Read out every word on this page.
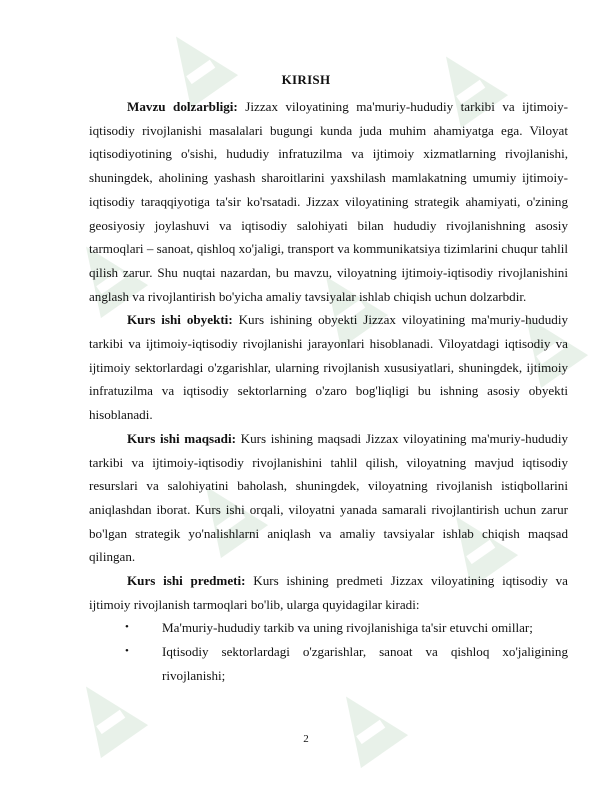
KIRISH

Mavzu dolzarbligi: Jizzax viloyatining ma'muriy-hududiy tarkibi va ijtimoiy-iqtisodiy rivojlanishi masalalari bugungi kunda juda muhim ahamiyatga ega. Viloyat iqtisodiyotining o'sishi, hududiy infratuzilma va ijtimoiy xizmatlarning rivojlanishi, shuningdek, aholining yashash sharoitlarini yaxshilash mamlakatning umumiy ijtimoiy-iqtisodiy taraqqiyotiga ta'sir ko'rsatadi. Jizzax viloyatining strategik ahamiyati, o'zining geosiyosiy joylashuvi va iqtisodiy salohiyati bilan hududiy rivojlanishning asosiy tarmoqlari – sanoat, qishloq xo'jaligi, transport va kommunikatsiya tizimlarini chuqur tahlil qilish zarur. Shu nuqtai nazardan, bu mavzu, viloyatning ijtimoiy-iqtisodiy rivojlanishini anglash va rivojlantirish bo'yicha amaliy tavsiyalar ishlab chiqish uchun dolzarbdir.

Kurs ishi obyekti: Kurs ishining obyekti Jizzax viloyatining ma'muriy-hududiy tarkibi va ijtimoiy-iqtisodiy rivojlanishi jarayonlari hisoblanadi. Viloyatdagi iqtisodiy va ijtimoiy sektorlardagi o'zgarishlar, ularning rivojlanish xususiyatlari, shuningdek, ijtimoiy infratuzilma va iqtisodiy sektorlarning o'zaro bog'liqligi bu ishning asosiy obyekti hisoblanadi.

Kurs ishi maqsadi: Kurs ishining maqsadi Jizzax viloyatining ma'muriy-hududiy tarkibi va ijtimoiy-iqtisodiy rivojlanishini tahlil qilish, viloyatning mavjud iqtisodiy resurslari va salohiyatini baholash, shuningdek, viloyatning rivojlanish istiqbollarini aniqlashdan iborat. Kurs ishi orqali, viloyatni yanada samarali rivojlantirish uchun zarur bo'lgan strategik yo'nalishlarni aniqlash va amaliy tavsiyalar ishlab chiqish maqsad qilingan.

Kurs ishi predmeti: Kurs ishining predmeti Jizzax viloyatining iqtisodiy va ijtimoiy rivojlanish tarmoqlari bo'lib, ularga quyidagilar kiradi:

•	Ma'muriy-hududiy tarkib va uning rivojlanishiga ta'sir etuvchi omillar;

•	Iqtisodiy sektorlardagi o'zgarishlar, sanoat va qishloq xo'jaligining rivojlanishi;

2
